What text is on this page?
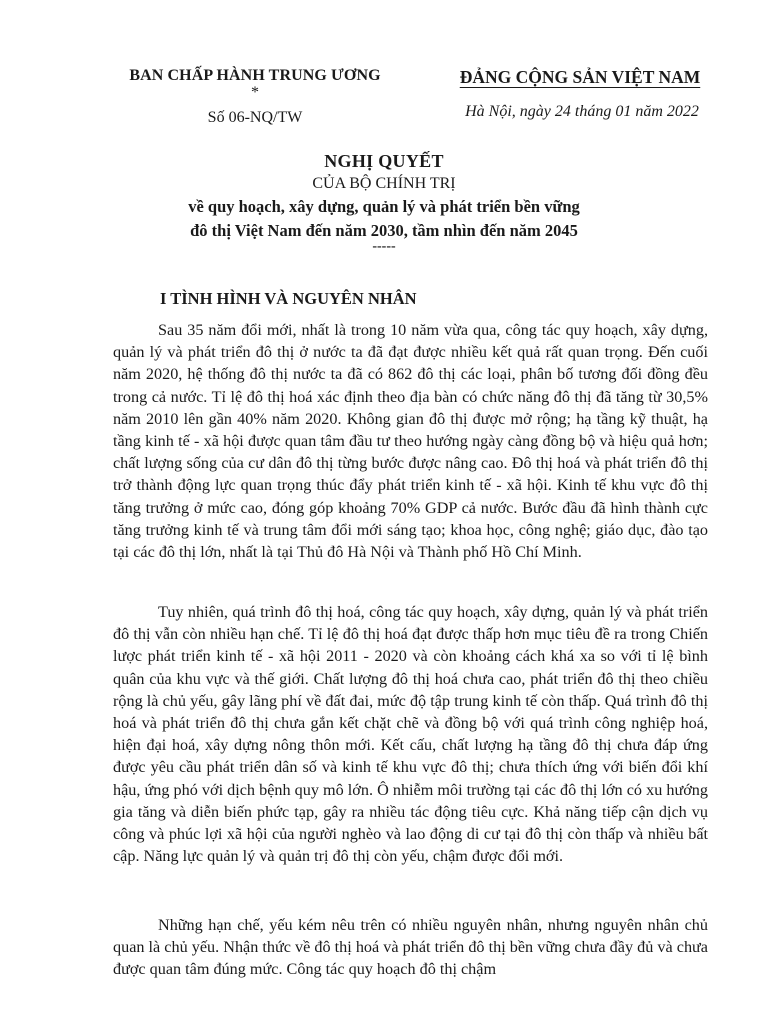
BAN CHẤP HÀNH TRUNG ƯƠNG

*

Số 06-NQ/TW

ĐẢNG CỘNG SẢN VIỆT NAM

Hà Nội, ngày 24 tháng 01 năm 2022

NGHỊ QUYẾT

CỦA BỘ CHÍNH TRỊ

về quy hoạch, xây dựng, quản lý và phát triển bền vững

đô thị Việt Nam đến năm 2030, tầm nhìn đến năm 2045

-----

I TÌNH HÌNH VÀ NGUYÊN NHÂN

Sau 35 năm đổi mới, nhất là trong 10 năm vừa qua, công tác quy hoạch, xây dựng, quản lý và phát triển đô thị ở nước ta đã đạt được nhiều kết quả rất quan trọng. Đến cuối năm 2020, hệ thống đô thị nước ta đã có 862 đô thị các loại, phân bố tương đối đồng đều trong cả nước. Tỉ lệ đô thị hoá xác định theo địa bàn có chức năng đô thị đã tăng từ 30,5% năm 2010 lên gần 40% năm 2020. Không gian đô thị được mở rộng; hạ tầng kỹ thuật, hạ tầng kinh tế - xã hội được quan tâm đầu tư theo hướng ngày càng đồng bộ và hiệu quả hơn; chất lượng sống của cư dân đô thị từng bước được nâng cao. Đô thị hoá và phát triển đô thị trở thành động lực quan trọng thúc đẩy phát triển kinh tế - xã hội. Kinh tế khu vực đô thị tăng trưởng ở mức cao, đóng góp khoảng 70% GDP cả nước. Bước đầu đã hình thành cực tăng trưởng kinh tế và trung tâm đổi mới sáng tạo; khoa học, công nghệ; giáo dục, đào tạo tại các đô thị lớn, nhất là tại Thủ đô Hà Nội và Thành phố Hồ Chí Minh.

Tuy nhiên, quá trình đô thị hoá, công tác quy hoạch, xây dựng, quản lý và phát triển đô thị vẫn còn nhiều hạn chế. Tỉ lệ đô thị hoá đạt được thấp hơn mục tiêu đề ra trong Chiến lược phát triển kinh tế - xã hội 2011 - 2020 và còn khoảng cách khá xa so với tỉ lệ bình quân của khu vực và thế giới. Chất lượng đô thị hoá chưa cao, phát triển đô thị theo chiều rộng là chủ yếu, gây lãng phí về đất đai, mức độ tập trung kinh tế còn thấp. Quá trình đô thị hoá và phát triển đô thị chưa gắn kết chặt chẽ và đồng bộ với quá trình công nghiệp hoá, hiện đại hoá, xây dựng nông thôn mới. Kết cấu, chất lượng hạ tầng đô thị chưa đáp ứng được yêu cầu phát triển dân số và kinh tế khu vực đô thị; chưa thích ứng với biến đổi khí hậu, ứng phó với dịch bệnh quy mô lớn. Ô nhiễm môi trường tại các đô thị lớn có xu hướng gia tăng và diễn biến phức tạp, gây ra nhiều tác động tiêu cực. Khả năng tiếp cận dịch vụ công và phúc lợi xã hội của người nghèo và lao động di cư tại đô thị còn thấp và nhiều bất cập. Năng lực quản lý và quản trị đô thị còn yếu, chậm được đổi mới.

Những hạn chế, yếu kém nêu trên có nhiều nguyên nhân, nhưng nguyên nhân chủ quan là chủ yếu. Nhận thức về đô thị hoá và phát triển đô thị bền vững chưa đầy đủ và chưa được quan tâm đúng mức. Công tác quy hoạch đô thị chậm
